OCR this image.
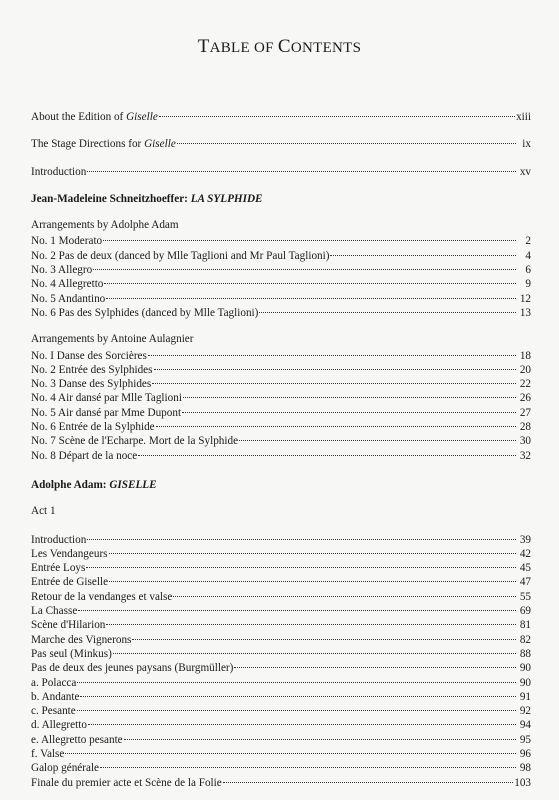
TABLE OF CONTENTS
About the Edition of Giselle	xiii
The Stage Directions for Giselle	ix
Introduction	xv
Jean-Madeleine Schneitzhoeffer: LA SYLPHIDE
Arrangements by Adolphe Adam
No. 1 Moderato	2
No. 2 Pas de deux (danced by Mlle Taglioni and Mr Paul Taglioni)	4
No. 3 Allegro	6
No. 4 Allegretto	9
No. 5 Andantino	12
No. 6 Pas des Sylphides (danced by Mlle Taglioni)	13
Arrangements by Antoine Aulagnier
No. I Danse des Sorcières	18
No. 2 Entrée des Sylphides	20
No. 3 Danse des Sylphides	22
No. 4 Air dansé par Mlle Taglioni	26
No. 5 Air dansé par Mme Dupont	27
No. 6 Entrée de la Sylphide	28
No. 7 Scène de l'Echarpe. Mort de la Sylphide	30
No. 8 Départ de la noce	32
Adolphe Adam: GISELLE
Act 1
Introduction	39
Les Vendangeurs	42
Entrée Loys	45
Entrée de Giselle	47
Retour de la vendanges et valse	55
La Chasse	69
Scène d'Hilarion	81
Marche des Vignerons	82
Pas seul (Minkus)	88
Pas de deux des jeunes paysans (Burgmüller)	90
a. Polacca	90
b. Andante	91
c. Pesante	92
d. Allegretto	94
e. Allegretto pesante	95
f. Valse	96
Galop générale	98
Finale du premier acte et Scène de la Folie	103
